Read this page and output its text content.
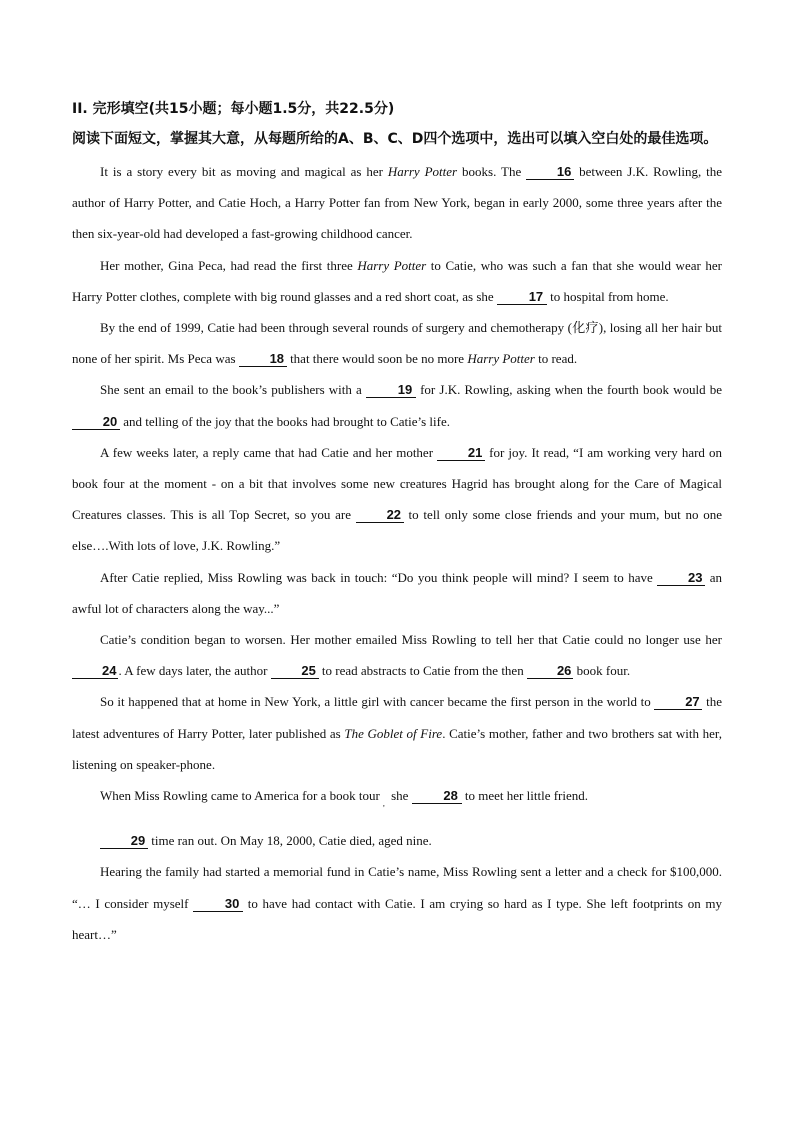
II. 完形填空(共15小题；每小题1.5分，共22.5分)

阅读下面短文，掌握其大意，从每题所给的A、B、C、D四个选项中，选出可以填入空白处的最佳选项。

It is a story every bit as moving and magical as her Harry Potter books. The 16 between J.K. Rowling, the author of Harry Potter, and Catie Hoch, a Harry Potter fan from New York, began in early 2000, some three years after the then six-year-old had developed a fast-growing childhood cancer.

Her mother, Gina Peca, had read the first three Harry Potter to Catie, who was such a fan that she would wear her Harry Potter clothes, complete with big round glasses and a red short coat, as she 17 to hospital from home.

By the end of 1999, Catie had been through several rounds of surgery and chemotherapy (化疗), losing all her hair but none of her spirit. Ms Peca was 18 that there would soon be no more Harry Potter to read.

She sent an email to the book’s publishers with a 19 for J.K. Rowling, asking when the fourth book would be 20 and telling of the joy that the books had brought to Catie’s life.

A few weeks later, a reply came that had Catie and her mother 21 for joy. It read, “I am working very hard on book four at the moment - on a bit that involves some new creatures Hagrid has brought along for the Care of Magical Creatures classes. This is all Top Secret, so you are 22 to tell only some close friends and your mum, but no one else….With lots of love, J.K. Rowling.”

After Catie replied, Miss Rowling was back in touch: “Do you think people will mind? I seem to have 23 an awful lot of characters along the way...”

Catie’s condition began to worsen. Her mother emailed Miss Rowling to tell her that Catie could no longer use her 24 . A few days later, the author 25 to read abstracts to Catie from the then 26 book four.

So it happened that at home in New York, a little girl with cancer became the first person in the world to 27 the latest adventures of Harry Potter, later published as The Goblet of Fire. Catie’s mother, father and two brothers sat with her, listening on speaker-phone.

When Miss Rowling came to America for a book tour$_,$ she 28 to meet her little friend.

29 time ran out. On May 18, 2000, Catie died, aged nine.

Hearing the family had started a memorial fund in Catie’s name, Miss Rowling sent a letter and a check for $100,000. “… I consider myself 30 to have had contact with Catie. I am crying so hard as I type. She left footprints on my heart…”
